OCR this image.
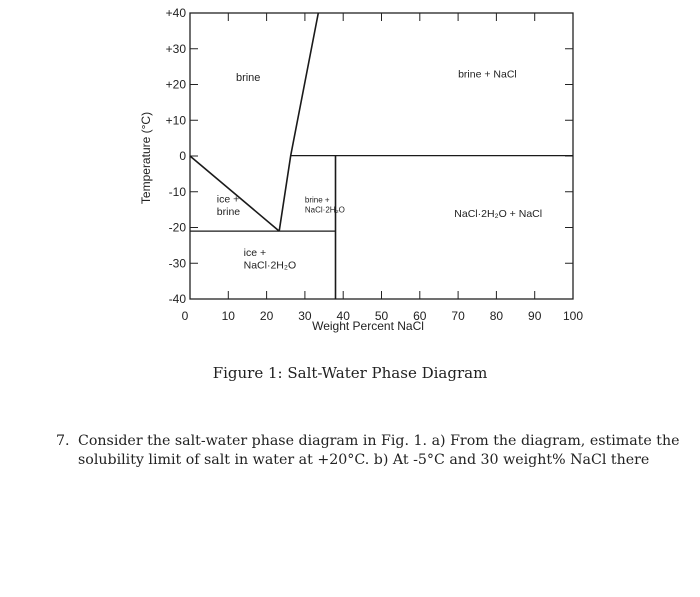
0	10 20 30 40 50 60 70 80 90 100
+40
+30
+20
+10
0
-10
-20
-30
-40
brine	brine + NaCl
ice +
brine
brine +
NaCl·2H₂O	NaCl·2H₂O + NaCl
ice +
NaCl·2H₂O
Weight Percent NaCl
Temperature (°C)
Figure 1: Salt-Water Phase Diagram
7. Consider the salt-water phase diagram in Fig. 1. a) From the diagram, estimate the
solubility limit of salt in water at +20°C. b) At -5°C and 30 weight% NaCl there
